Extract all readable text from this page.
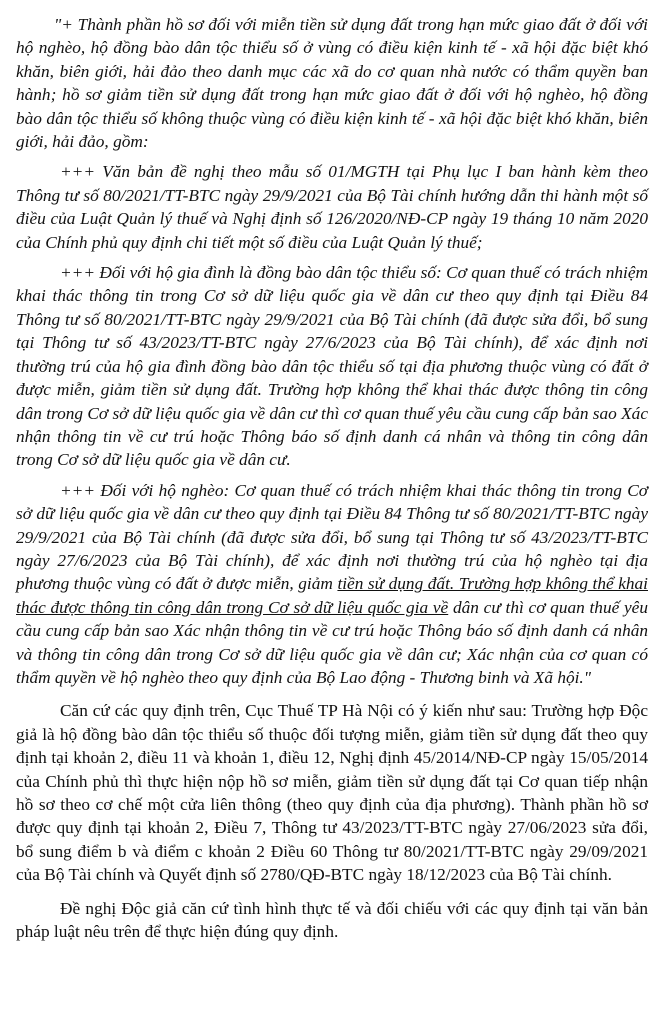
"+ Thành phần hồ sơ đối với miễn tiền sử dụng đất trong hạn mức giao đất ở đối với hộ nghèo, hộ đồng bào dân tộc thiểu số ở vùng có điều kiện kinh tế - xã hội đặc biệt khó khăn, biên giới, hải đảo theo danh mục các xã do cơ quan nhà nước có thẩm quyền ban hành; hồ sơ giảm tiền sử dụng đất trong hạn mức giao đất ở đối với hộ nghèo, hộ đồng bào dân tộc thiểu số không thuộc vùng có điều kiện kinh tế - xã hội đặc biệt khó khăn, biên giới, hải đảo, gồm:

+++ Văn bản đề nghị theo mẫu số 01/MGTH tại Phụ lục I ban hành kèm theo Thông tư số 80/2021/TT-BTC ngày 29/9/2021 của Bộ Tài chính hướng dẫn thi hành một số điều của Luật Quản lý thuế và Nghị định số 126/2020/NĐ-CP ngày 19 tháng 10 năm 2020 của Chính phủ quy định chi tiết một số điều của Luật Quản lý thuế;

+++ Đối với hộ gia đình là đồng bào dân tộc thiểu số: Cơ quan thuế có trách nhiệm khai thác thông tin trong Cơ sở dữ liệu quốc gia về dân cư theo quy định tại Điều 84 Thông tư số 80/2021/TT-BTC ngày 29/9/2021 của Bộ Tài chính (đã được sửa đổi, bổ sung tại Thông tư số 43/2023/TT-BTC ngày 27/6/2023 của Bộ Tài chính), để xác định nơi thường trú của hộ gia đình đồng bào dân tộc thiểu số tại địa phương thuộc vùng có đất ở được miễn, giảm tiền sử dụng đất. Trường hợp không thể khai thác được thông tin công dân trong Cơ sở dữ liệu quốc gia về dân cư thì cơ quan thuế yêu cầu cung cấp bản sao Xác nhận thông tin về cư trú hoặc Thông báo số định danh cá nhân và thông tin công dân trong Cơ sở dữ liệu quốc gia về dân cư.

+++ Đối với hộ nghèo: Cơ quan thuế có trách nhiệm khai thác thông tin trong Cơ sở dữ liệu quốc gia về dân cư theo quy định tại Điều 84 Thông tư số 80/2021/TT-BTC ngày 29/9/2021 của Bộ Tài chính (đã được sửa đổi, bổ sung tại Thông tư số 43/2023/TT-BTC ngày 27/6/2023 của Bộ Tài chính), để xác định nơi thường trú của hộ nghèo tại địa phương thuộc vùng có đất ở được miễn, giảm tiền sử dụng đất. Trường hợp không thể khai thác được thông tin công dân trong Cơ sở dữ liệu quốc gia về dân cư thì cơ quan thuế yêu cầu cung cấp bản sao Xác nhận thông tin về cư trú hoặc Thông báo số định danh cá nhân và thông tin công dân trong Cơ sở dữ liệu quốc gia về dân cư; Xác nhận của cơ quan có thẩm quyền về hộ nghèo theo quy định của Bộ Lao động - Thương binh và Xã hội."

Căn cứ các quy định trên, Cục Thuế TP Hà Nội có ý kiến như sau: Trường hợp Độc giả là hộ đồng bào dân tộc thiểu số thuộc đối tượng miễn, giảm tiền sử dụng đất theo quy định tại khoản 2, điều 11 và khoản 1, điều 12, Nghị định 45/2014/NĐ-CP ngày 15/05/2014 của Chính phủ thì thực hiện nộp hồ sơ miễn, giảm tiền sử dụng đất tại Cơ quan tiếp nhận hồ sơ theo cơ chế một cửa liên thông (theo quy định của địa phương). Thành phần hồ sơ được quy định tại khoản 2, Điều 7, Thông tư 43/2023/TT-BTC ngày 27/06/2023 sửa đổi, bổ sung điểm b và điểm c khoản 2 Điều 60 Thông tư 80/2021/TT-BTC ngày 29/09/2021 của Bộ Tài chính và Quyết định số 2780/QĐ-BTC ngày 18/12/2023 của Bộ Tài chính.

Đề nghị Độc giả căn cứ tình hình thực tế và đối chiếu với các quy định tại văn bản pháp luật nêu trên để thực hiện đúng quy định.
